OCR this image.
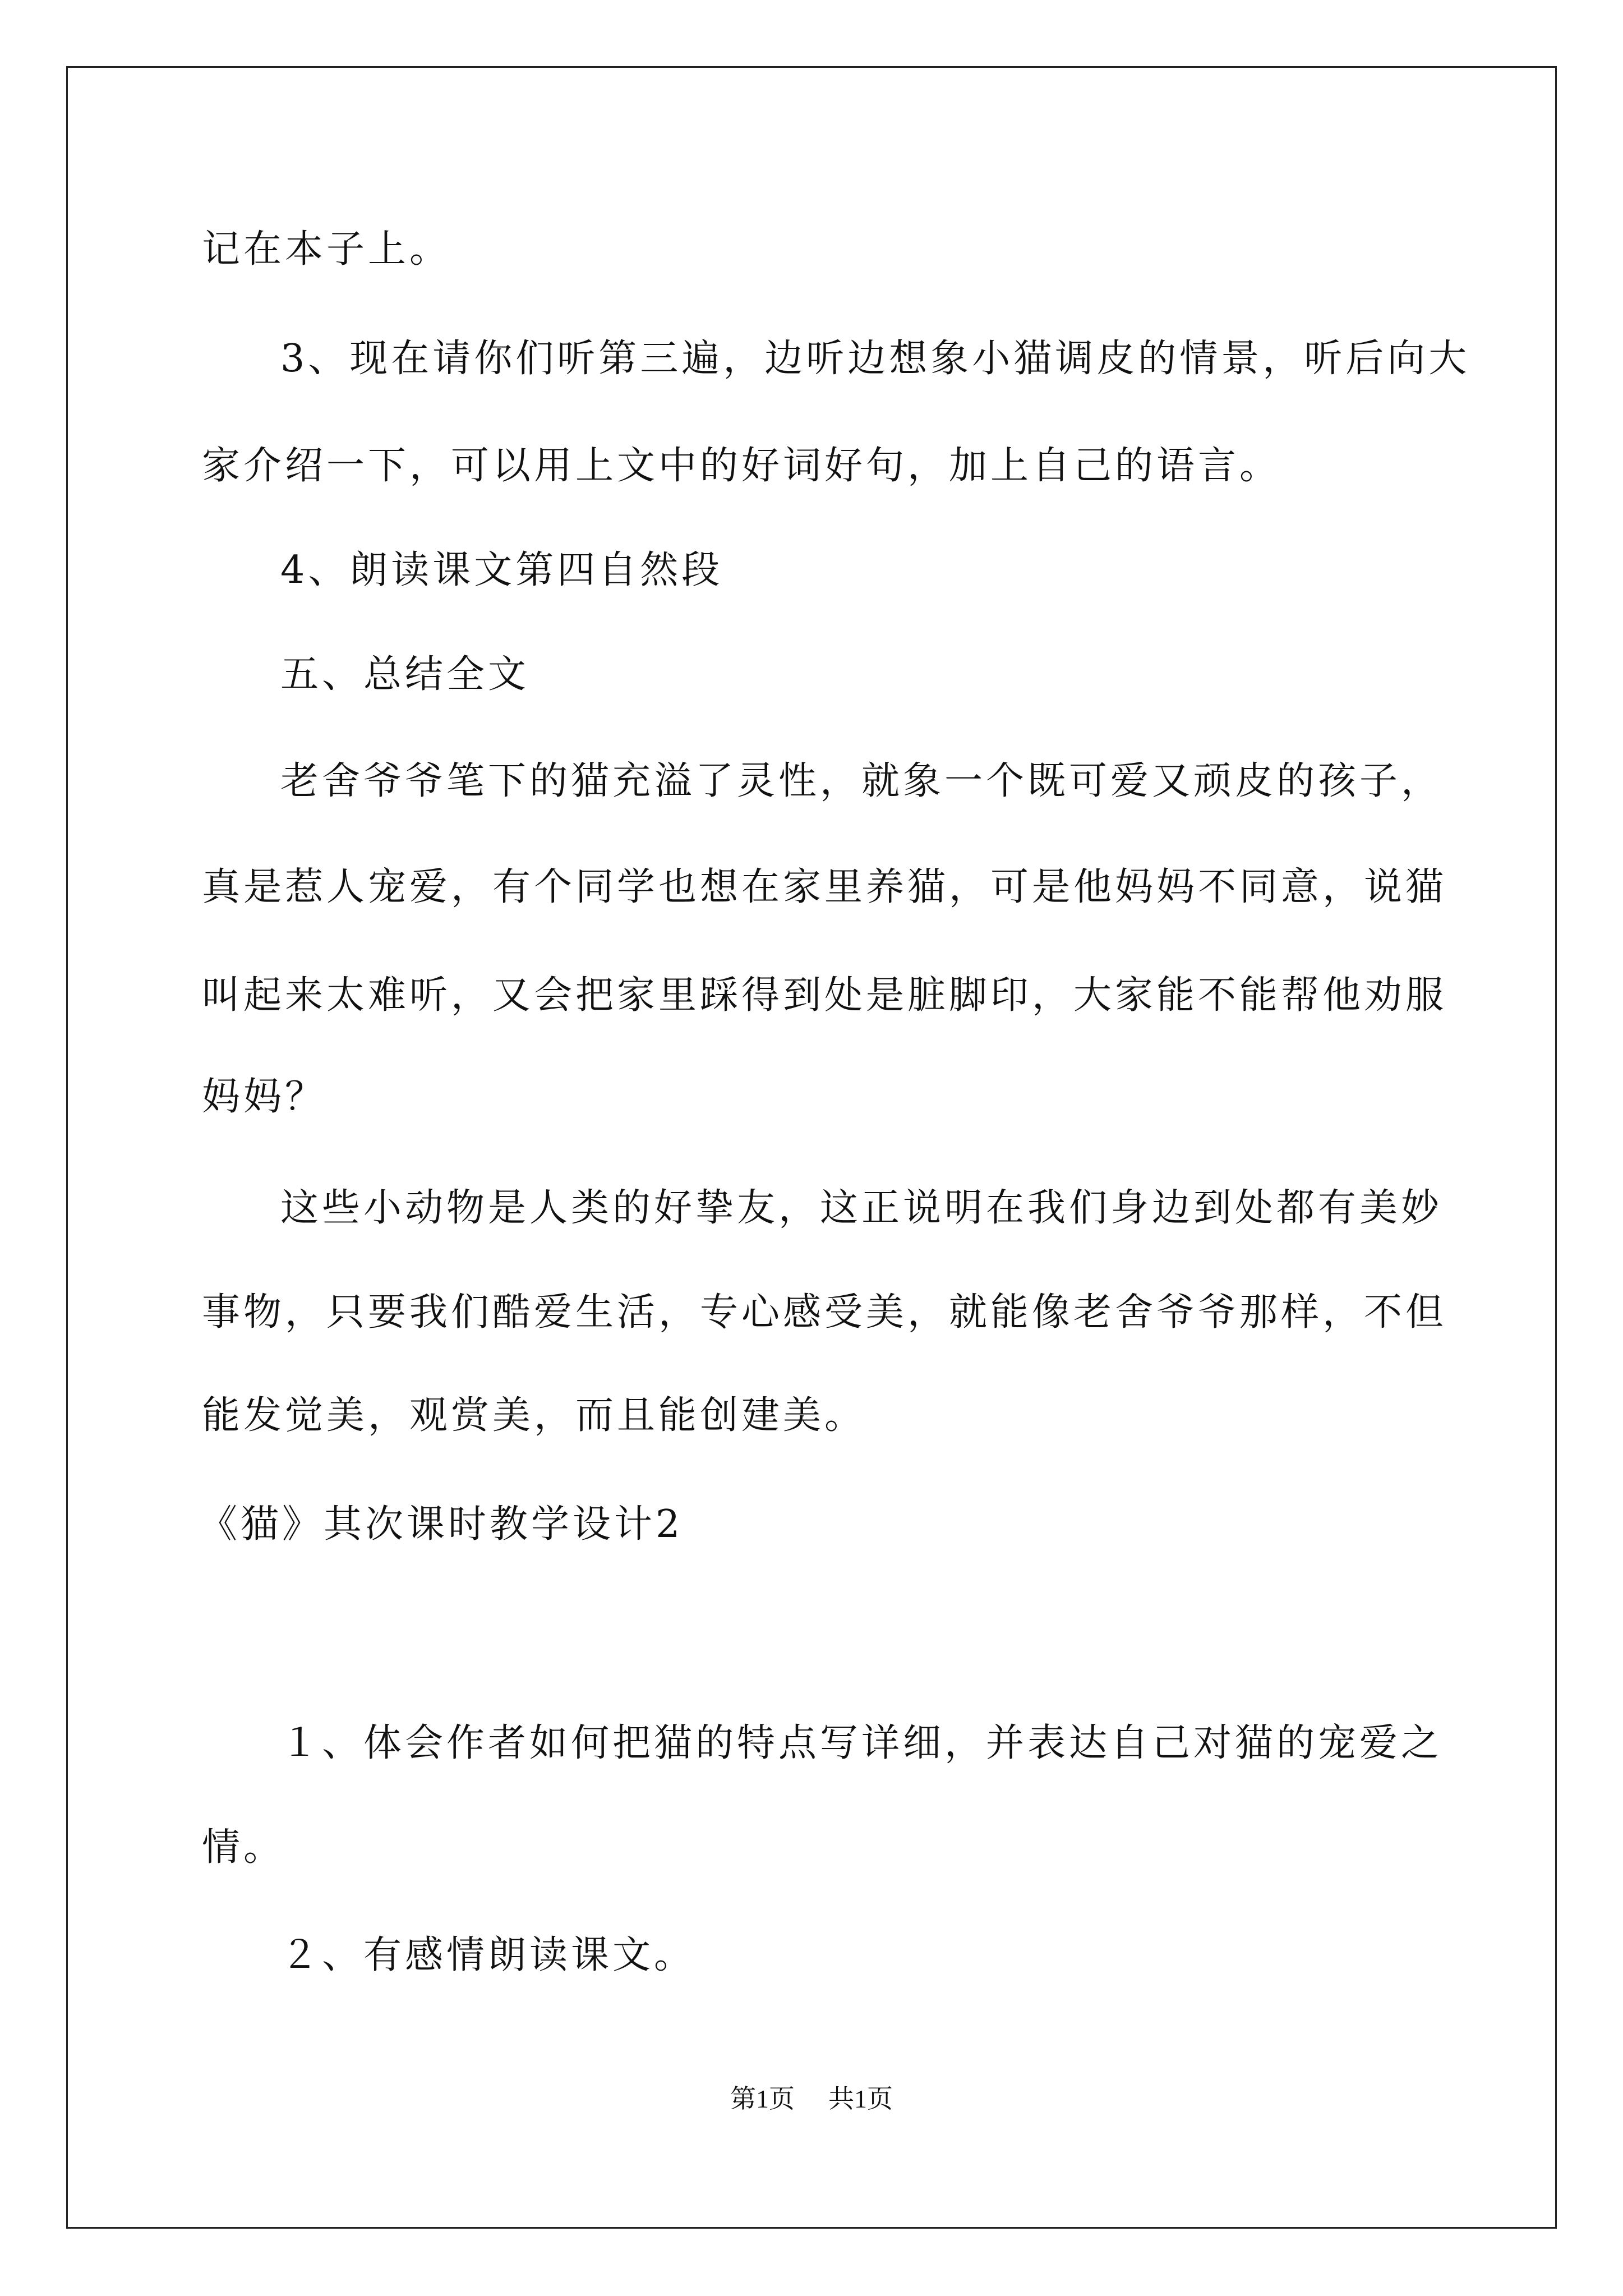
记在本子上。
3、现在请你们听第三遍，边听边想象小猫调皮的情景，听后向大
家介绍一下，可以用上文中的好词好句，加上自己的语言。
4、朗读课文第四自然段
五、总结全文
老舍爷爷笔下的猫充溢了灵性，就象一个既可爱又顽皮的孩子，
真是惹人宠爱，有个同学也想在家里养猫，可是他妈妈不同意，说猫
叫起来太难听，又会把家里踩得到处是脏脚印，大家能不能帮他劝服
妈妈？
这些小动物是人类的好挚友，这正说明在我们身边到处都有美妙
事物，只要我们酷爱生活，专心感受美，就能像老舍爷爷那样，不但
能发觉美，观赏美，而且能创建美。
《猫》其次课时教学设计2
１、体会作者如何把猫的特点写详细，并表达自己对猫的宠爱之
情。
２、有感情朗读课文。
第1页 共1页
